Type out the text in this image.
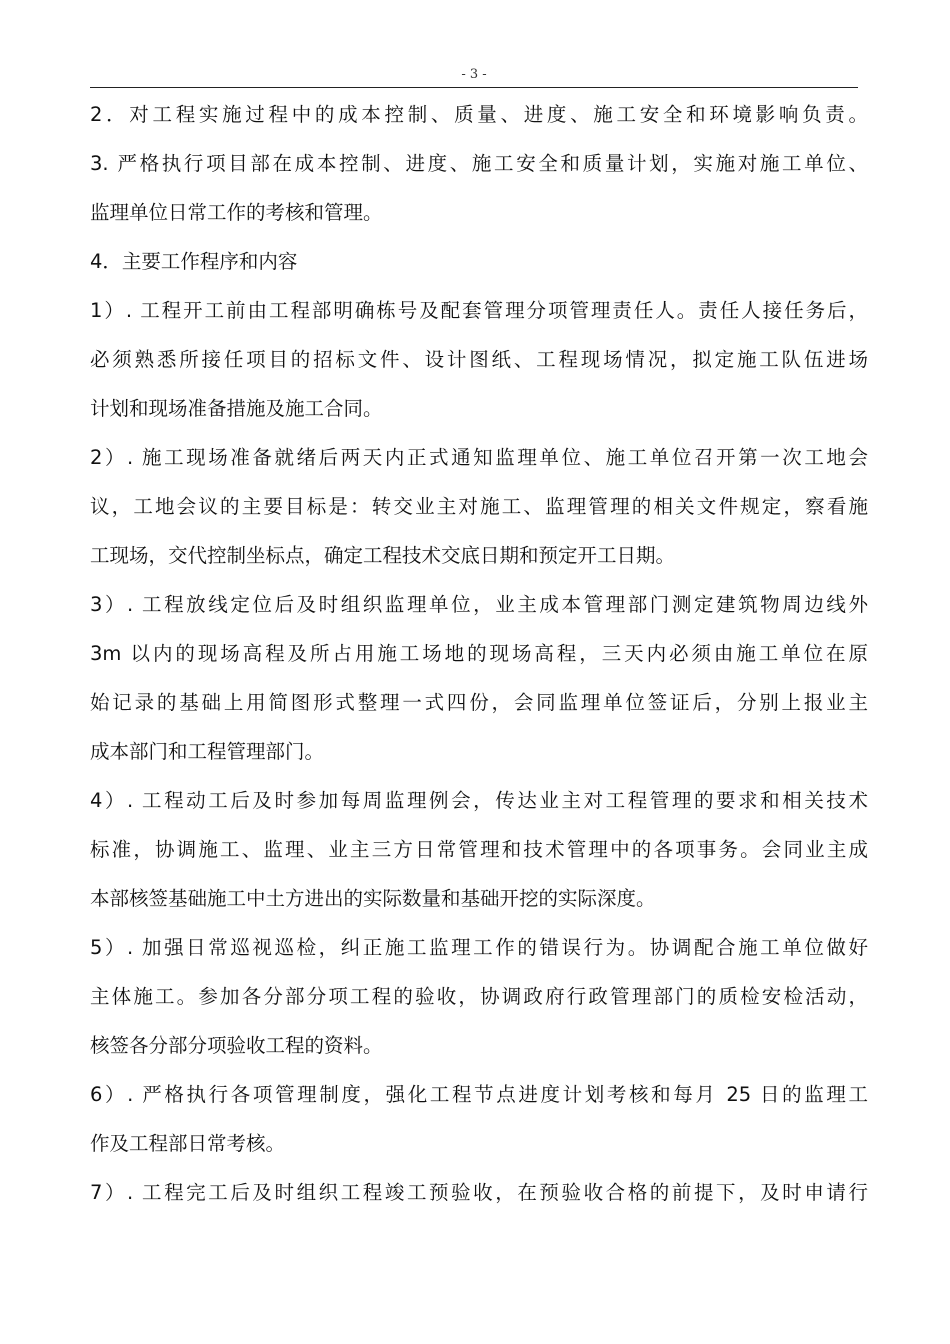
- 3 -
2．对工程实施过程中的成本控制、质量、进度、施工安全和环境影响负责。
3. 严格执行项目部在成本控制、进度、施工安全和质量计划，实施对施工单位、
监理单位日常工作的考核和管理。
4．主要工作程序和内容
1）. 工程开工前由工程部明确栋号及配套管理分项管理责任人。责任人接任务后，
必须熟悉所接任项目的招标文件、设计图纸、工程现场情况，拟定施工队伍进场
计划和现场准备措施及施工合同。
2）. 施工现场准备就绪后两天内正式通知监理单位、施工单位召开第一次工地会
议，工地会议的主要目标是：转交业主对施工、监理管理的相关文件规定，察看施
工现场，交代控制坐标点，确定工程技术交底日期和预定开工日期。
3）. 工程放线定位后及时组织监理单位，业主成本管理部门测定建筑物周边线外
3m 以内的现场高程及所占用施工场地的现场高程，三天内必须由施工单位在原
始记录的基础上用简图形式整理一式四份，会同监理单位签证后，分别上报业主
成本部门和工程管理部门。
4）. 工程动工后及时参加每周监理例会，传达业主对工程管理的要求和相关技术
标准，协调施工、监理、业主三方日常管理和技术管理中的各项事务。会同业主成
本部核签基础施工中土方进出的实际数量和基础开挖的实际深度。
5）. 加强日常巡视巡检，纠正施工监理工作的错误行为。协调配合施工单位做好
主体施工。参加各分部分项工程的验收，协调政府行政管理部门的质检安检活动，
核签各分部分项验收工程的资料。
6）. 严格执行各项管理制度，强化工程节点进度计划考核和每月 25 日的监理工
作及工程部日常考核。
7）. 工程完工后及时组织工程竣工预验收，在预验收合格的前提下，及时申请行
